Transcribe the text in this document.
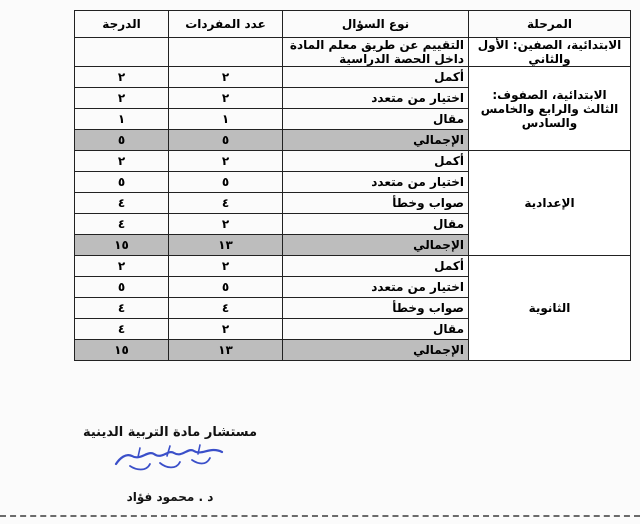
المرحلة	نوع السؤال	عدد المفردات	الدرجة
الابتدائية، الصفين: الأول والثاني	التقييم عن طريق معلم المادة داخل الحصة الدراسية		
الابتدائية، الصفوف: الثالث والرابع والخامس والسادس	أكمل	٢	٢
	اختيار من متعدد	٢	٢
	مقال	١	١
	الإجمالي	٥	٥
الإعدادية	أكمل	٢	٢
	اختيار من متعدد	٥	٥
	صواب وخطأ	٤	٤
	مقال	٢	٤
	الإجمالي	١٣	١٥
الثانوية	أكمل	٢	٢
	اختيار من متعدد	٥	٥
	صواب وخطأ	٤	٤
	مقال	٢	٤
	الإجمالي	١٣	١٥
مستشار مادة التربية الدينية
د . محمود فؤاد
